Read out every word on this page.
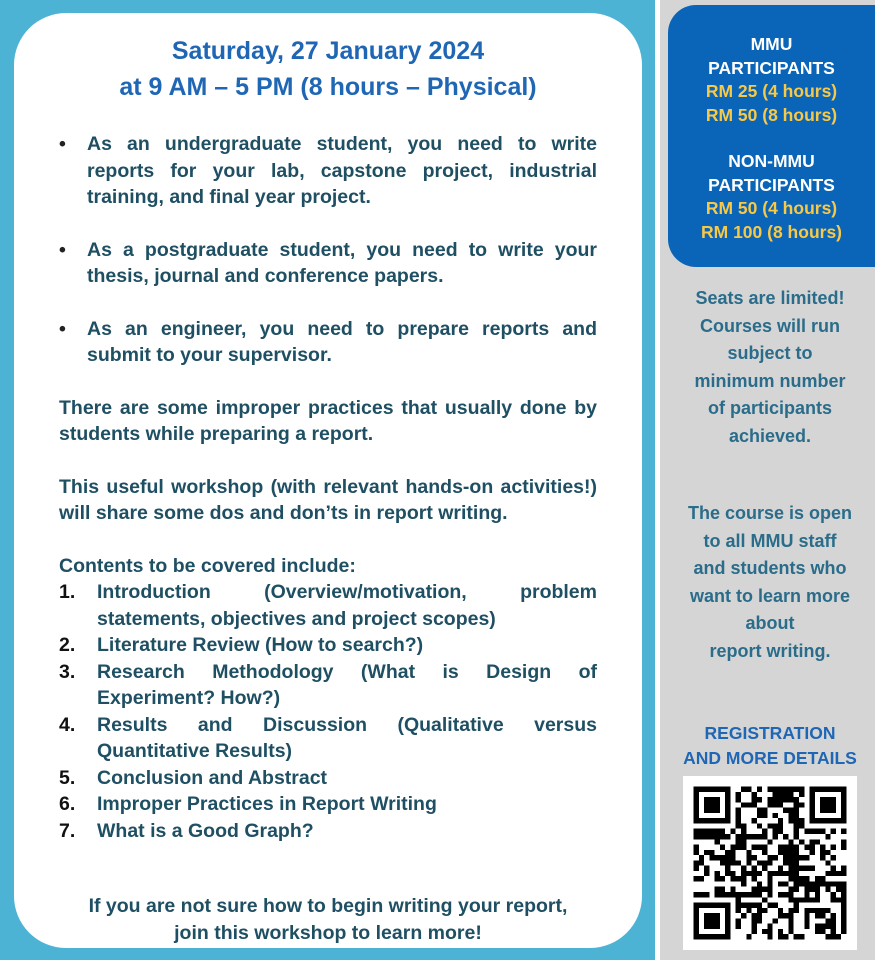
Saturday, 27 January 2024
at 9 AM – 5 PM (8 hours – Physical)
• As an undergraduate student, you need to write reports for your lab, capstone project, industrial training, and final year project.
• As a postgraduate student, you need to write your thesis, journal and conference papers.
• As an engineer, you need to prepare reports and submit to your supervisor.
There are some improper practices that usually done by students while preparing a report.
This useful workshop (with relevant hands-on activities!) will share some dos and don’ts in report writing.
Contents to be covered include:
1. Introduction (Overview/motivation, problem statements, objectives and project scopes)
2. Literature Review (How to search?)
3. Research Methodology (What is Design of Experiment? How?)
4. Results and Discussion (Qualitative versus Quantitative Results)
5. Conclusion and Abstract
6. Improper Practices in Report Writing
7. What is a Good Graph?
If you are not sure how to begin writing your report,
join this workshop to learn more!
MMU
PARTICIPANTS
RM 25 (4 hours)
RM 50 (8 hours)
NON-MMU
PARTICIPANTS
RM 50 (4 hours)
RM 100 (8 hours)
Seats are limited!
Courses will run
subject to
minimum number
of participants
achieved.
The course is open
to all MMU staff
and students who
want to learn more
about
report writing.
REGISTRATION
AND MORE DETAILS
